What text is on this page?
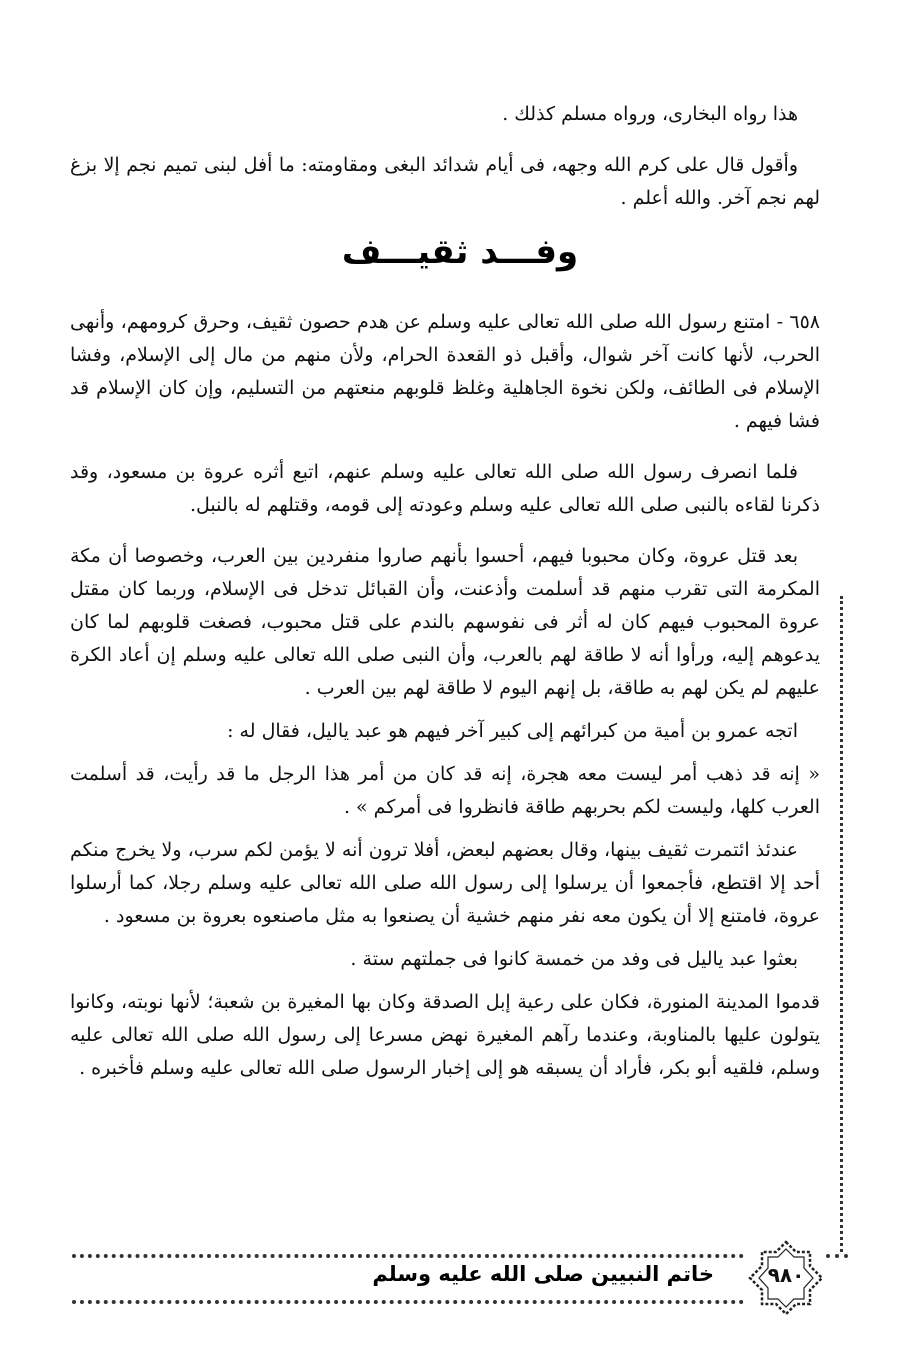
هذا رواه البخارى، ورواه مسلم كذلك .

وأقول قال على كرم الله وجهه، فى أيام شدائد البغى ومقاومته: ما أفل لبنى تميم نجم إلا بزغ لهم نجم آخر. والله أعلم .

وفـــد ثقيـــف

٦٥٨ - امتنع رسول الله صلى الله تعالى عليه وسلم عن هدم حصون ثقيف، وحرق كرومهم، وأنهى الحرب، لأنها كانت آخر شوال، وأقبل ذو القعدة الحرام، ولأن منهم من مال إلى الإسلام، وفشا الإسلام فى الطائف، ولكن نخوة الجاهلية وغلظ قلوبهم منعتهم من التسليم، وإن كان الإسلام قد فشا فيهم .

فلما انصرف رسول الله صلى الله تعالى عليه وسلم عنهم، اتبع أثره عروة بن مسعود، وقد ذكرنا لقاءه بالنبى صلى الله تعالى عليه وسلم وعودته إلى قومه، وقتلهم له بالنبل.

بعد قتل عروة، وكان محبوبا فيهم، أحسوا بأنهم صاروا منفردين بين العرب، وخصوصا أن مكة المكرمة التى تقرب منهم قد أسلمت وأذعنت، وأن القبائل تدخل فى الإسلام، وربما كان مقتل عروة المحبوب فيهم كان له أثر فى نفوسهم بالندم على قتل محبوب، فصغت قلوبهم لما كان يدعوهم إليه، ورأوا أنه لا طاقة لهم بالعرب، وأن النبى صلى الله تعالى عليه وسلم إن أعاد الكرة عليهم لم يكن لهم به طاقة، بل إنهم اليوم لا طاقة لهم بين العرب .

اتجه عمرو بن أمية من كبرائهم إلى كبير آخر فيهم هو عبد ياليل، فقال له :

« إنه قد ذهب أمر ليست معه هجرة، إنه قد كان من أمر هذا الرجل ما قد رأيت، قد أسلمت العرب كلها، وليست لكم بحربهم طاقة فانظروا فى أمركم » .

عندئذ ائتمرت ثقيف بينها، وقال بعضهم لبعض، أفلا ترون أنه لا يؤمن لكم سرب، ولا يخرج منكم أحد إلا اقتطع، فأجمعوا أن يرسلوا إلى رسول الله صلى الله تعالى عليه وسلم رجلا، كما أرسلوا عروة، فامتنع إلا أن يكون معه نفر منهم خشية أن يصنعوا به مثل ماصنعوه بعروة بن مسعود .

بعثوا عبد ياليل فى وفد من خمسة كانوا فى جملتهم ستة .

قدموا المدينة المنورة، فكان على رعية إبل الصدقة وكان بها المغيرة بن شعبة؛ لأنها نوبته، وكانوا يتولون عليها بالمناوبة، وعندما رآهم المغيرة نهض مسرعا إلى رسول الله صلى الله تعالى عليه وسلم، فلقيه أبو بكر، فأراد أن يسبقه هو إلى إخبار الرسول صلى الله تعالى عليه وسلم فأخبره .

خاتم النبيين صلى الله عليه وسلم	٩٨٠
